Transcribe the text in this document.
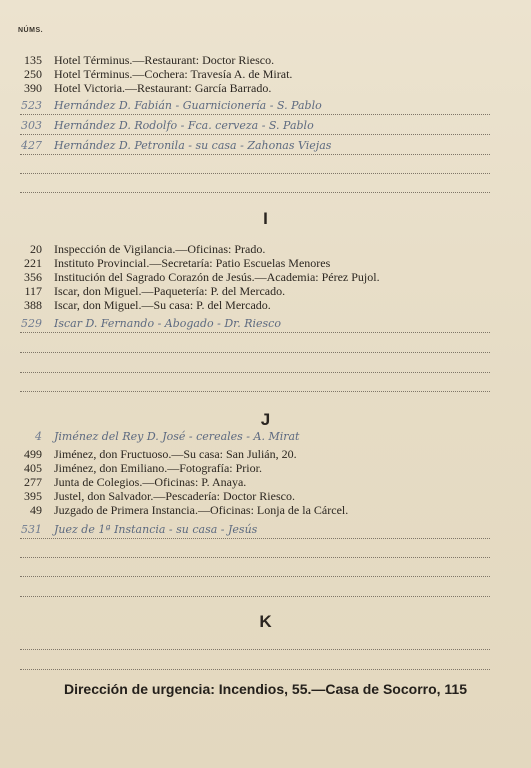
NÚMS.
135 Hotel Términus.—Restaurant: Doctor Riesco.
250 Hotel Términus.—Cochera: Travesía A. de Mirat.
390 Hotel Victoria.—Restaurant: García Barrado.
523 Hernández D. Fabián - Guarnicionería - S. Pablo
303 Hernández D. Rodolfo - Fca. cerveza - S. Pablo
427 Hernández D. Petronila - su casa - Zahonas Viejas
I
20 Inspección de Vigilancia.—Oficinas: Prado.
221 Instituto Provincial.—Secretaría: Patio Escuelas Menores
356 Institución del Sagrado Corazón de Jesús.—Academia: Pérez Pujol.
117 Iscar, don Miguel.—Paquetería: P. del Mercado.
388 Iscar, don Miguel.—Su casa: P. del Mercado.
529 Iscar D. Fernando - Abogado - Dr. Riesco
J
4 Jiménez del Rey D. José - cereales - A. Mirat
499 Jiménez, don Fructuoso.—Su casa: San Julián, 20.
405 Jiménez, don Emiliano.—Fotografía: Prior.
277 Junta de Colegios.—Oficinas: P. Anaya.
395 Justel, don Salvador.—Pescadería: Doctor Riesco.
49 Juzgado de Primera Instancia.—Oficinas: Lonja de la Cárcel.
531 Juez de 1ª Instancia - su casa - Jesús
K
Dirección de urgencia: Incendios, 55.—Casa de Socorro, 115
